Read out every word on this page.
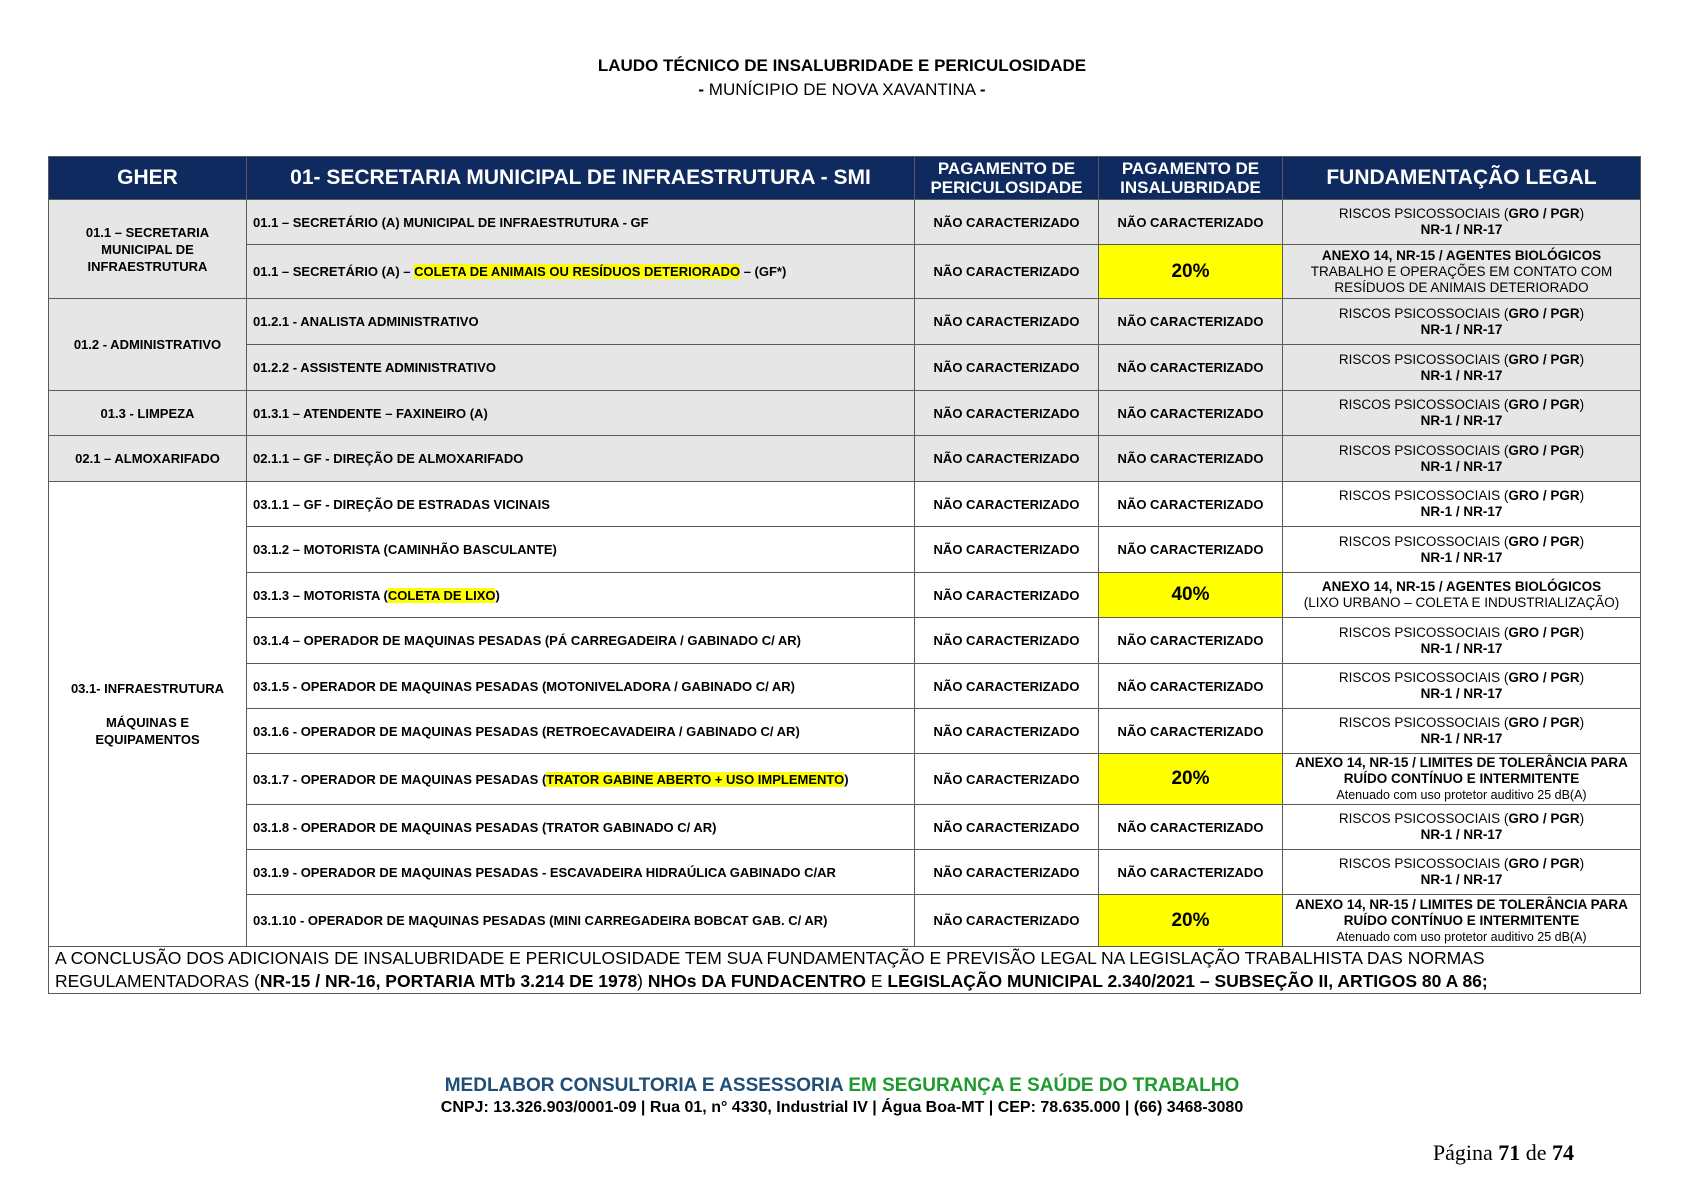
LAUDO TÉCNICO DE INSALUBRIDADE E PERICULOSIDADE
- MUNÍCIPIO DE NOVA XAVANTINA -
GHER	01- SECRETARIA MUNICIPAL DE INFRAESTRUTURA - SMI	PAGAMENTO DE PERICULOSIDADE	PAGAMENTO DE INSALUBRIDADE	FUNDAMENTAÇÃO LEGAL
01.1 – SECRETARIA MUNICIPAL DE INFRAESTRUTURA	01.1 – SECRETÁRIO (A) MUNICIPAL DE INFRAESTRUTURA - GF	NÃO CARACTERIZADO	NÃO CARACTERIZADO	RISCOS PSICOSSOCIAIS (GRO / PGR)
NR-1 / NR-17
	01.1 – SECRETÁRIO (A) – COLETA DE ANIMAIS OU RESÍDUOS DETERIORADO – (GF*)	NÃO CARACTERIZADO	20%	ANEXO 14, NR-15 / AGENTES BIOLÓGICOS
TRABALHO E OPERAÇÕES EM CONTATO COM RESÍDUOS DE ANIMAIS DETERIORADO
01.2 - ADMINISTRATIVO	01.2.1 - ANALISTA ADMINISTRATIVO	NÃO CARACTERIZADO	NÃO CARACTERIZADO	RISCOS PSICOSSOCIAIS (GRO / PGR)
NR-1 / NR-17
	01.2.2 - ASSISTENTE ADMINISTRATIVO	NÃO CARACTERIZADO	NÃO CARACTERIZADO	RISCOS PSICOSSOCIAIS (GRO / PGR)
NR-1 / NR-17
01.3 - LIMPEZA	01.3.1 – ATENDENTE – FAXINEIRO (A)	NÃO CARACTERIZADO	NÃO CARACTERIZADO	RISCOS PSICOSSOCIAIS (GRO / PGR)
NR-1 / NR-17
02.1 – ALMOXARIFADO	02.1.1 – GF - DIREÇÃO DE ALMOXARIFADO	NÃO CARACTERIZADO	NÃO CARACTERIZADO	RISCOS PSICOSSOCIAIS (GRO / PGR)
NR-1 / NR-17
03.1- INFRAESTRUTURA

MÁQUINAS E EQUIPAMENTOS	03.1.1 – GF - DIREÇÃO DE ESTRADAS VICINAIS	NÃO CARACTERIZADO	NÃO CARACTERIZADO	RISCOS PSICOSSOCIAIS (GRO / PGR)
NR-1 / NR-17
	03.1.2 – MOTORISTA (CAMINHÃO BASCULANTE)	NÃO CARACTERIZADO	NÃO CARACTERIZADO	RISCOS PSICOSSOCIAIS (GRO / PGR)
NR-1 / NR-17
	03.1.3 – MOTORISTA (COLETA DE LIXO)	NÃO CARACTERIZADO	40%	ANEXO 14, NR-15 / AGENTES BIOLÓGICOS
(LIXO URBANO – COLETA E INDUSTRIALIZAÇÃO)
	03.1.4 – OPERADOR DE MAQUINAS PESADAS (PÁ CARREGADEIRA / GABINADO C/ AR)	NÃO CARACTERIZADO	NÃO CARACTERIZADO	RISCOS PSICOSSOCIAIS (GRO / PGR)
NR-1 / NR-17
	03.1.5 - OPERADOR DE MAQUINAS PESADAS (MOTONIVELADORA / GABINADO C/ AR)	NÃO CARACTERIZADO	NÃO CARACTERIZADO	RISCOS PSICOSSOCIAIS (GRO / PGR)
NR-1 / NR-17
	03.1.6 - OPERADOR DE MAQUINAS PESADAS (RETROECAVADEIRA / GABINADO C/ AR)	NÃO CARACTERIZADO	NÃO CARACTERIZADO	RISCOS PSICOSSOCIAIS (GRO / PGR)
NR-1 / NR-17
	03.1.7 - OPERADOR DE MAQUINAS PESADAS (TRATOR GABINE ABERTO + USO IMPLEMENTO)	NÃO CARACTERIZADO	20%	ANEXO 14, NR-15 / LIMITES DE TOLERÂNCIA PARA RUÍDO CONTÍNUO E INTERMITENTE
Atenuado com uso protetor auditivo 25 dB(A)
	03.1.8 - OPERADOR DE MAQUINAS PESADAS (TRATOR GABINADO C/ AR)	NÃO CARACTERIZADO	NÃO CARACTERIZADO	RISCOS PSICOSSOCIAIS (GRO / PGR)
NR-1 / NR-17
	03.1.9 - OPERADOR DE MAQUINAS PESADAS - ESCAVADEIRA HIDRAÚLICA GABINADO C/AR	NÃO CARACTERIZADO	NÃO CARACTERIZADO	RISCOS PSICOSSOCIAIS (GRO / PGR)
NR-1 / NR-17
	03.1.10 - OPERADOR DE MAQUINAS PESADAS (MINI CARREGADEIRA BOBCAT GAB. C/ AR)	NÃO CARACTERIZADO	20%	ANEXO 14, NR-15 / LIMITES DE TOLERÂNCIA PARA RUÍDO CONTÍNUO E INTERMITENTE
Atenuado com uso protetor auditivo 25 dB(A)
A CONCLUSÃO DOS ADICIONAIS DE INSALUBRIDADE E PERICULOSIDADE TEM SUA FUNDAMENTAÇÃO E PREVISÃO LEGAL NA LEGISLAÇÃO TRABALHISTA DAS NORMAS REGULAMENTADORAS (NR-15 / NR-16, PORTARIA MTb 3.214 DE 1978) NHOs DA FUNDACENTRO E LEGISLAÇÃO MUNICIPAL 2.340/2021 – SUBSEÇÃO II, ARTIGOS 80 A 86;				
MEDLABOR CONSULTORIA E ASSESSORIA EM SEGURANÇA E SAÚDE DO TRABALHO
CNPJ: 13.326.903/0001-09 | Rua 01, n° 4330, Industrial IV | Água Boa-MT | CEP: 78.635.000 | (66) 3468-3080
Página 71 de 74
